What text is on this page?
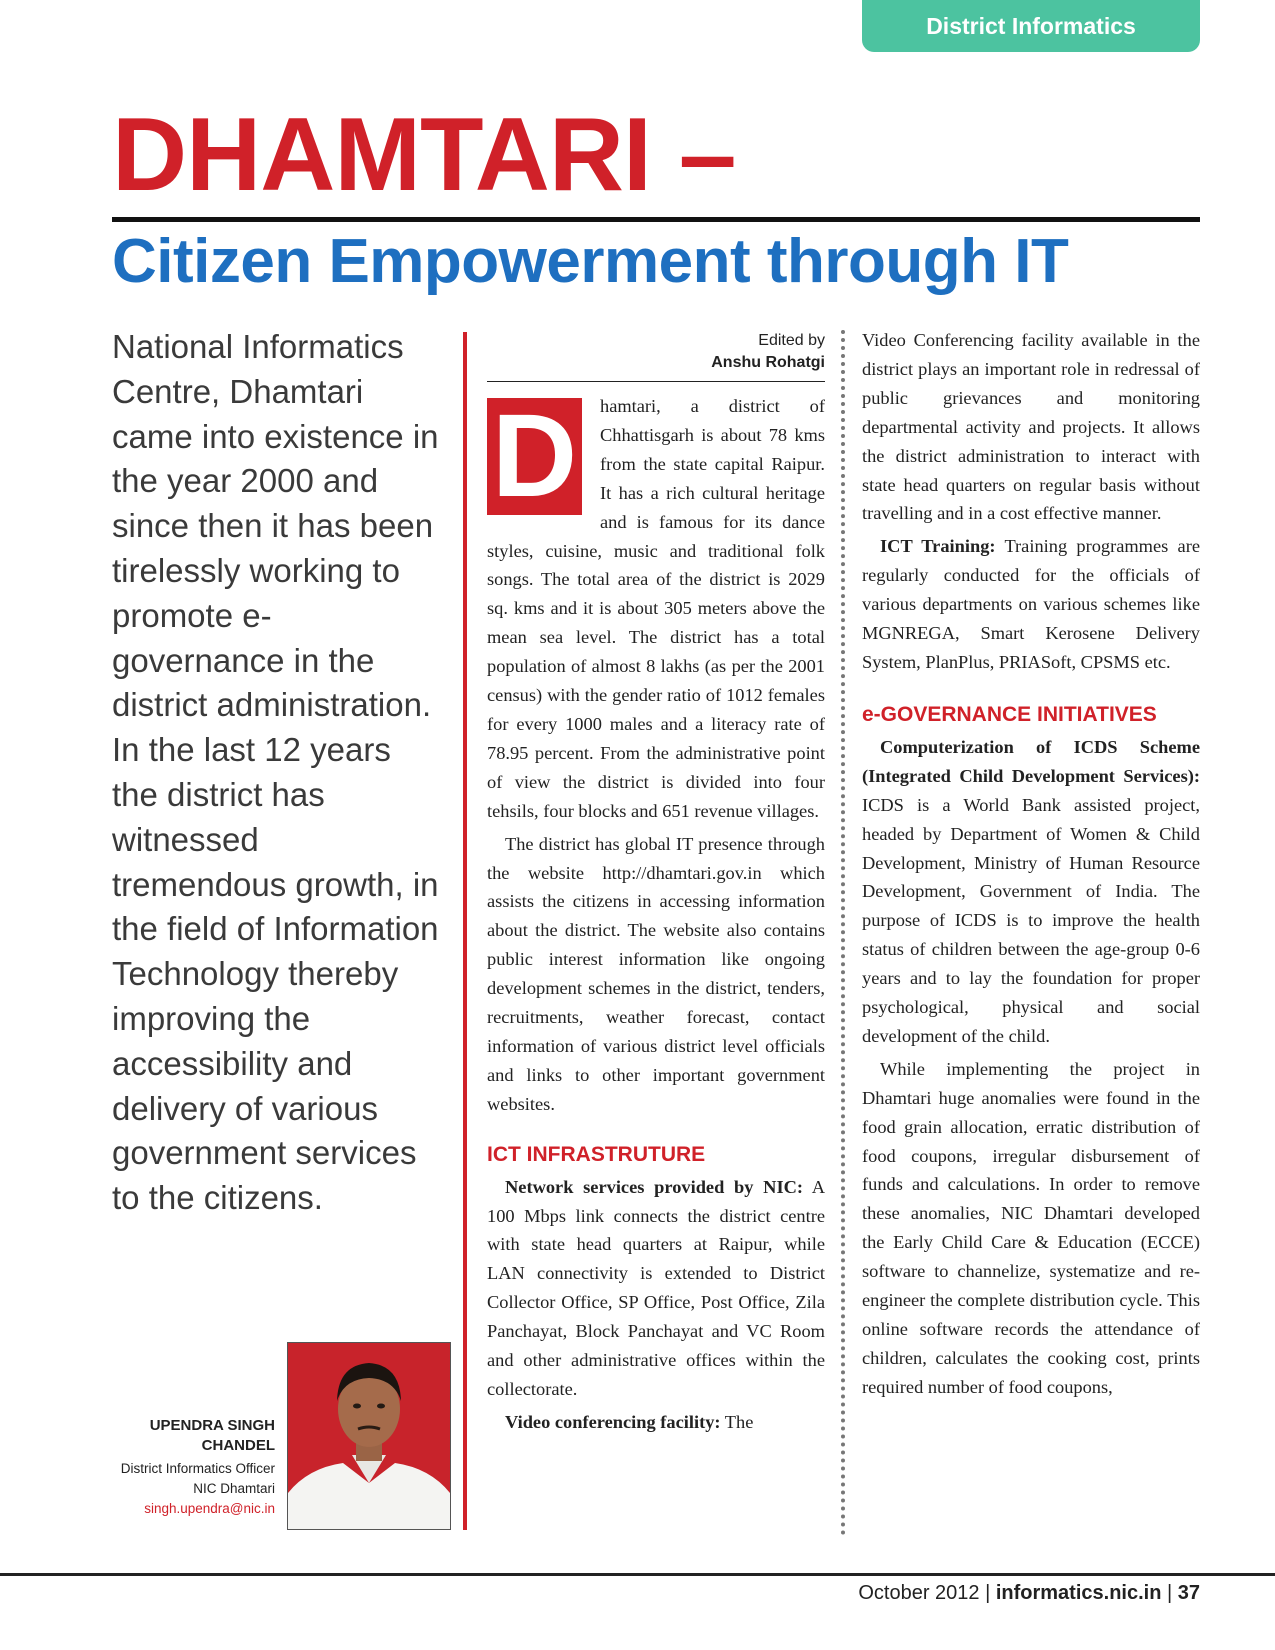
District Informatics
DHAMTARI –
Citizen Empowerment through IT

National Informatics Centre, Dhamtari came into existence in the year 2000 and since then it has been tirelessly working to promote e-governance in the district administration. In the last 12 years the district has witnessed tremendous growth, in the field of Information Technology thereby improving the accessibility and delivery of various government services to the citizens.

UPENDRA SINGH CHANDEL
District Informatics Officer
NIC Dhamtari
singh.upendra@nic.in
Edited by
Anshu Rohatgi

D hamtari, a district of Chhattisgarh is about 78 kms from the state capital Raipur. It has a rich cultural heritage and is famous for its dance styles, cuisine, music and traditional folk songs. The total area of the district is 2029 sq. kms and it is about 305 meters above the mean sea level. The district has a total population of almost 8 lakhs (as per the 2001 census) with the gender ratio of 1012 females for every 1000 males and a literacy rate of 78.95 percent. From the administrative point of view the district is divided into four tehsils, four blocks and 651 revenue villages.

The district has global IT presence through the website http://dhamtari.gov.in which assists the citizens in accessing information about the district. The website also contains public interest information like ongoing development schemes in the district, tenders, recruitments, weather forecast, contact information of various district level officials and links to other important government websites.

ICT INFRASTRUTURE

Network services provided by NIC: A 100 Mbps link connects the district centre with state head quarters at Raipur, while LAN connectivity is extended to District Collector Office, SP Office, Post Office, Zila Panchayat, Block Panchayat and VC Room and other administrative offices within the collectorate.

Video conferencing facility: The

Video Conferencing facility available in the district plays an important role in redressal of public grievances and monitoring departmental activity and projects. It allows the district administration to interact with state head quarters on regular basis without travelling and in a cost effective manner.

ICT Training: Training programmes are regularly conducted for the officials of various departments on various schemes like MGNREGA, Smart Kerosene Delivery System, PlanPlus, PRIASoft, CPSMS etc.

e-GOVERNANCE INITIATIVES

Computerization of ICDS Scheme (Integrated Child Development Services): ICDS is a World Bank assisted project, headed by Department of Women & Child Development, Ministry of Human Resource Development, Government of India. The purpose of ICDS is to improve the health status of children between the age-group 0-6 years and to lay the foundation for proper psychological, physical and social development of the child.

While implementing the project in Dhamtari huge anomalies were found in the food grain allocation, erratic distribution of food coupons, irregular disbursement of funds and calculations. In order to remove these anomalies, NIC Dhamtari developed the Early Child Care & Education (ECCE) software to channelize, systematize and re-engineer the complete distribution cycle. This online software records the attendance of children, calculates the cooking cost, prints required number of food coupons,

October 2012 | informatics.nic.in | 37
